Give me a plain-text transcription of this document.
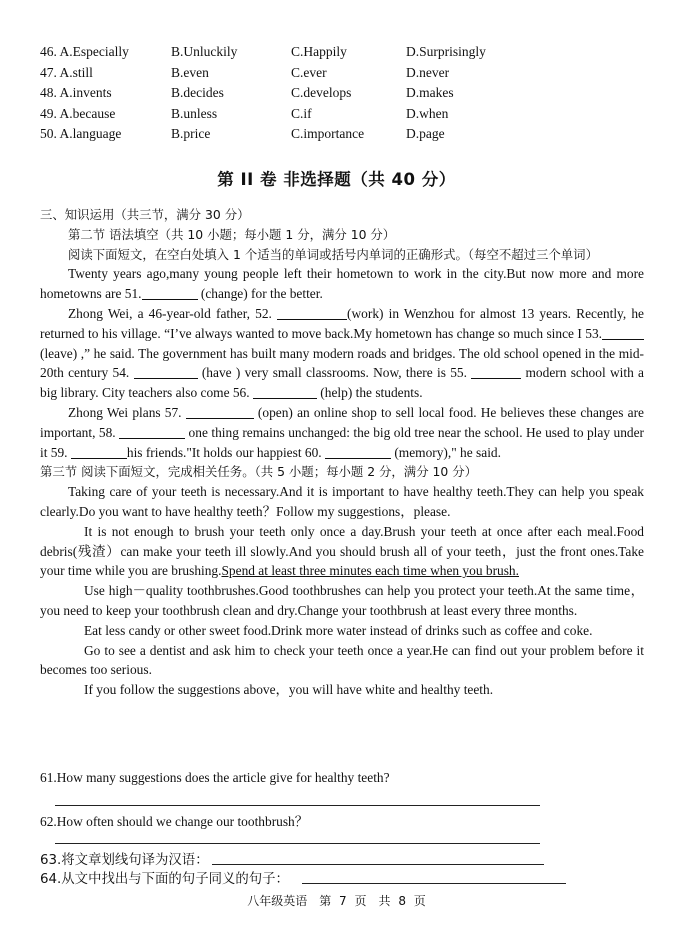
46. A.Especially	B.Unluckily	C.Happily	D.Surprisingly
47. A.still	B.even	C.ever	D.never
48. A.invents	B.decides	C.develops	D.makes
49. A.because	B.unless	C.if	D.when
50. A.language	B.price	C.importance	D.page
第 II 卷 非选择题（共 40 分）
三、知识运用（共三节，满分 30 分）
第二节 语法填空（共 10 小题；每小题 1 分，满分 10 分）
阅读下面短文，在空白处填入 1 个适当的单词或括号内单词的正确形式。（每空不超过三个单词）
Twenty years ago,many young people left their hometown to work in the city.But now more and more hometowns are 51.	(change) for the better.
Zhong Wei, a 46-year-old father, 52.	(work) in Wenzhou for almost 13 years. Recently, he returned to his village. “I’ve always wanted to move back.My hometown has change so much since I 53.(leave) ,” he said. The government has built many modern roads and bridges. The old school opened in the mid-20th century 54.	(have ) very small classrooms. Now, there is 55.	modern school with a big library. City teachers also come 56.	(help) the students.
Zhong Wei plans 57.	(open) an online shop to sell local food. He believes these changes are important, 58.	one thing remains unchanged: the big old tree near the school. He used to play under it 59.	his friends."It holds our happiest 60.	(memory)," he said.
第三节 阅读下面短文，完成相关任务。（共 5 小题；每小题 2 分，满分 10 分）
Taking care of your teeth is necessary.And it is important to have healthy teeth.They can help you speak clearly.Do you want to have healthy teeth？Follow my suggestions，please.
It is not enough to brush your teeth only once a day.Brush your teeth at once after each meal.Food debris(残渣）can make your teeth ill slowly.And you should brush all of your teeth，just the front ones.Take your time while you are brushing.Spend at least three minutes each time when you brush.
Use high－quality toothbrushes.Good toothbrushes can help you protect your teeth.At the same time，you need to keep your toothbrush clean and dry.Change your toothbrush at least every three months.
Eat less candy or other sweet food.Drink more water instead of drinks such as coffee and coke.
Go to see a dentist and ask him to check your teeth once a year.He can find out your problem before it becomes too serious.
If you follow the suggestions above，you will have white and healthy teeth.
61.How many suggestions does the article give for healthy teeth?
62.How often should we change our toothbrush？
63.将文章划线句译为汉语：
64.从文中找出与下面的句子同义的句子：
八年级英语　第 7 页　共 8 页
